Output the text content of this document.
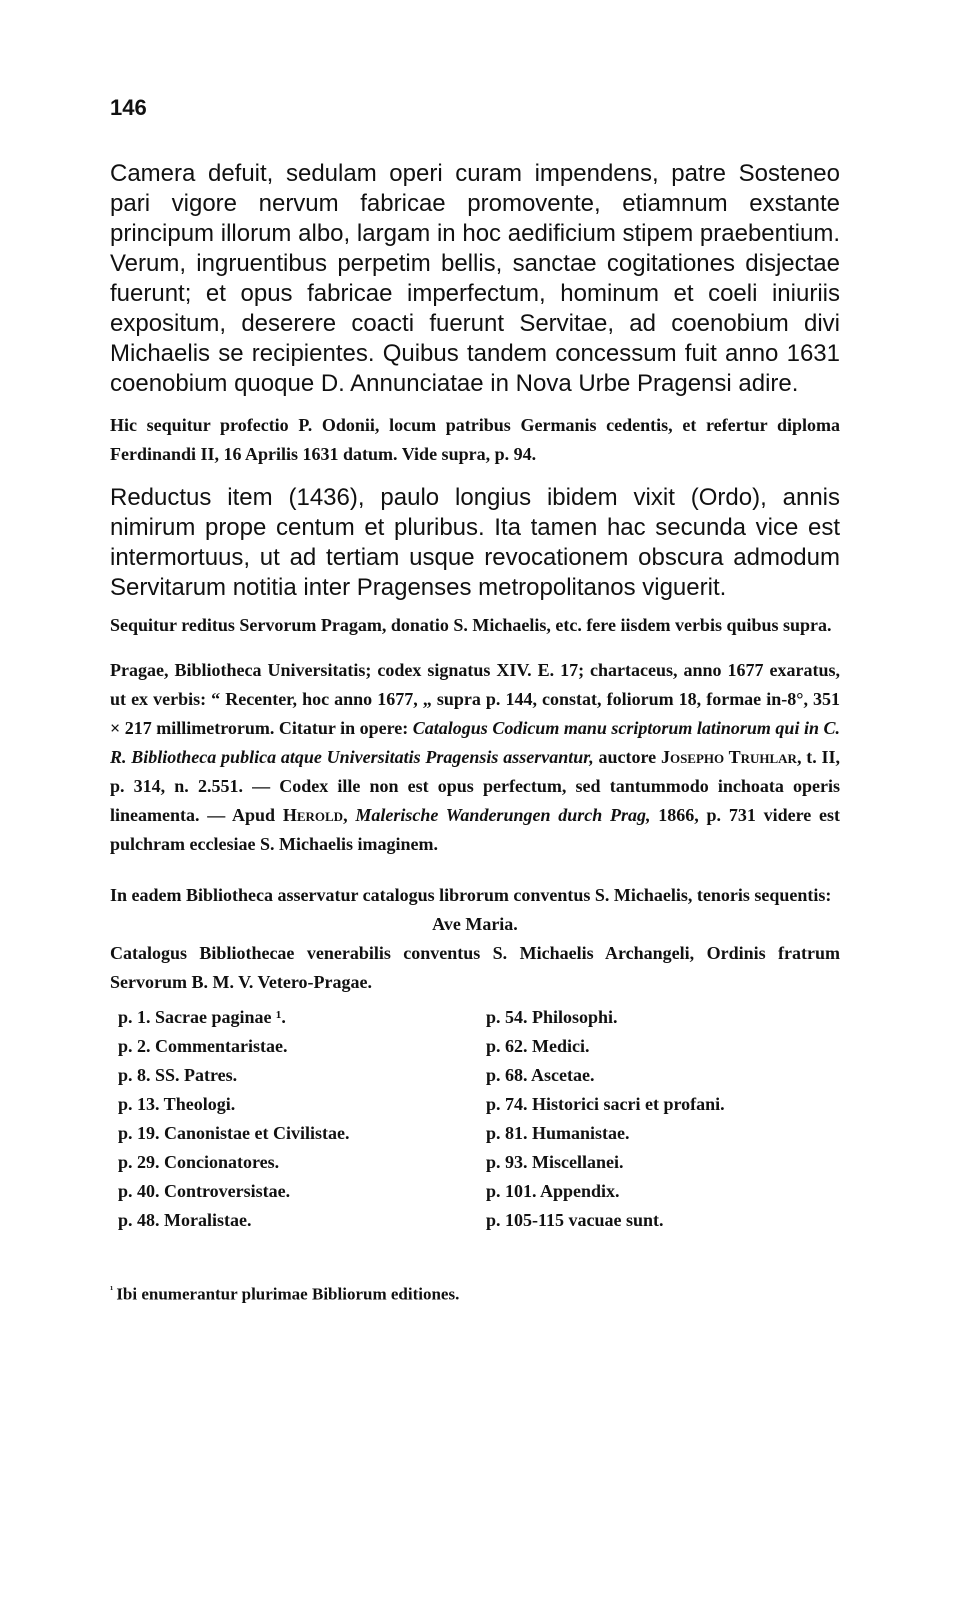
146

Camera defuit, sedulam operi curam impendens, patre Sosteneo pari vigore nervum fabricae promovente, etiamnum exstante principum illorum albo, largam in hoc aedificium stipem praebentium. Verum, ingruentibus perpetim bellis, sanctae cogitationes disjectae fuerunt; et opus fabricae imperfectum, hominum et coeli iniuriis expositum, deserere coacti fuerunt Servitae, ad coenobium divi Michaelis se recipientes. Quibus tandem concessum fuit anno 1631 coenobium quoque D. Annunciatae in Nova Urbe Pragensi adire.

Hic sequitur profectio P. Odonii, locum patribus Germanis cedentis, et refertur diploma Ferdinandi II, 16 Aprilis 1631 datum. Vide supra, p. 94.

Reductus item (1436), paulo longius ibidem vixit (Ordo), annis nimirum prope centum et pluribus. Ita tamen hac secunda vice est intermortuus, ut ad tertiam usque revocationem obscura admodum Servitarum notitia inter Pragenses metropolitanos viguerit.

Sequitur reditus Servorum Pragam, donatio S. Michaelis, etc. fere iisdem verbis quibus supra.

Pragae, Bibliotheca Universitatis; codex signatus XIV. E. 17; chartaceus, anno 1677 exaratus, ut ex verbis: “ Recenter, hoc anno 1677, „ supra p. 144, constat, foliorum 18, formae in-8°, 351 × 217 millimetrorum. Citatur in opere: Catalogus Codicum manu scriptorum latinorum qui in C. R. Bibliotheca publica atque Universitatis Pragensis asservantur, auctore Josepho Truhlar, t. II, p. 314, n. 2.551. — Codex ille non est opus perfectum, sed tantummodo inchoata operis lineamenta. — Apud Herold, Malerische Wanderungen durch Prag, 1866, p. 731 videre est pulchram ecclesiae S. Michaelis imaginem.

In eadem Bibliotheca asservatur catalogus librorum conventus S. Michaelis, tenoris sequentis:

Ave Maria.

Catalogus Bibliothecae venerabilis conventus S. Michaelis Archangeli, Ordinis fratrum Servorum B. M. V. Vetero-Pragae.

p. 1. Sacrae paginae ¹.	p. 54. Philosophi.
p. 2. Commentaristae.	p. 62. Medici.
p. 8. SS. Patres.	p. 68. Ascetae.
p. 13. Theologi.	p. 74. Historici sacri et profani.
p. 19. Canonistae et Civilistae.	p. 81. Humanistae.
p. 29. Concionatores.	p. 93. Miscellanei.
p. 40. Controversistae.	p. 101. Appendix.
p. 48. Moralistae.	p. 105-115 vacuae sunt.
$^{^1}$ Ibi enumerantur plurimae Bibliorum editiones.
